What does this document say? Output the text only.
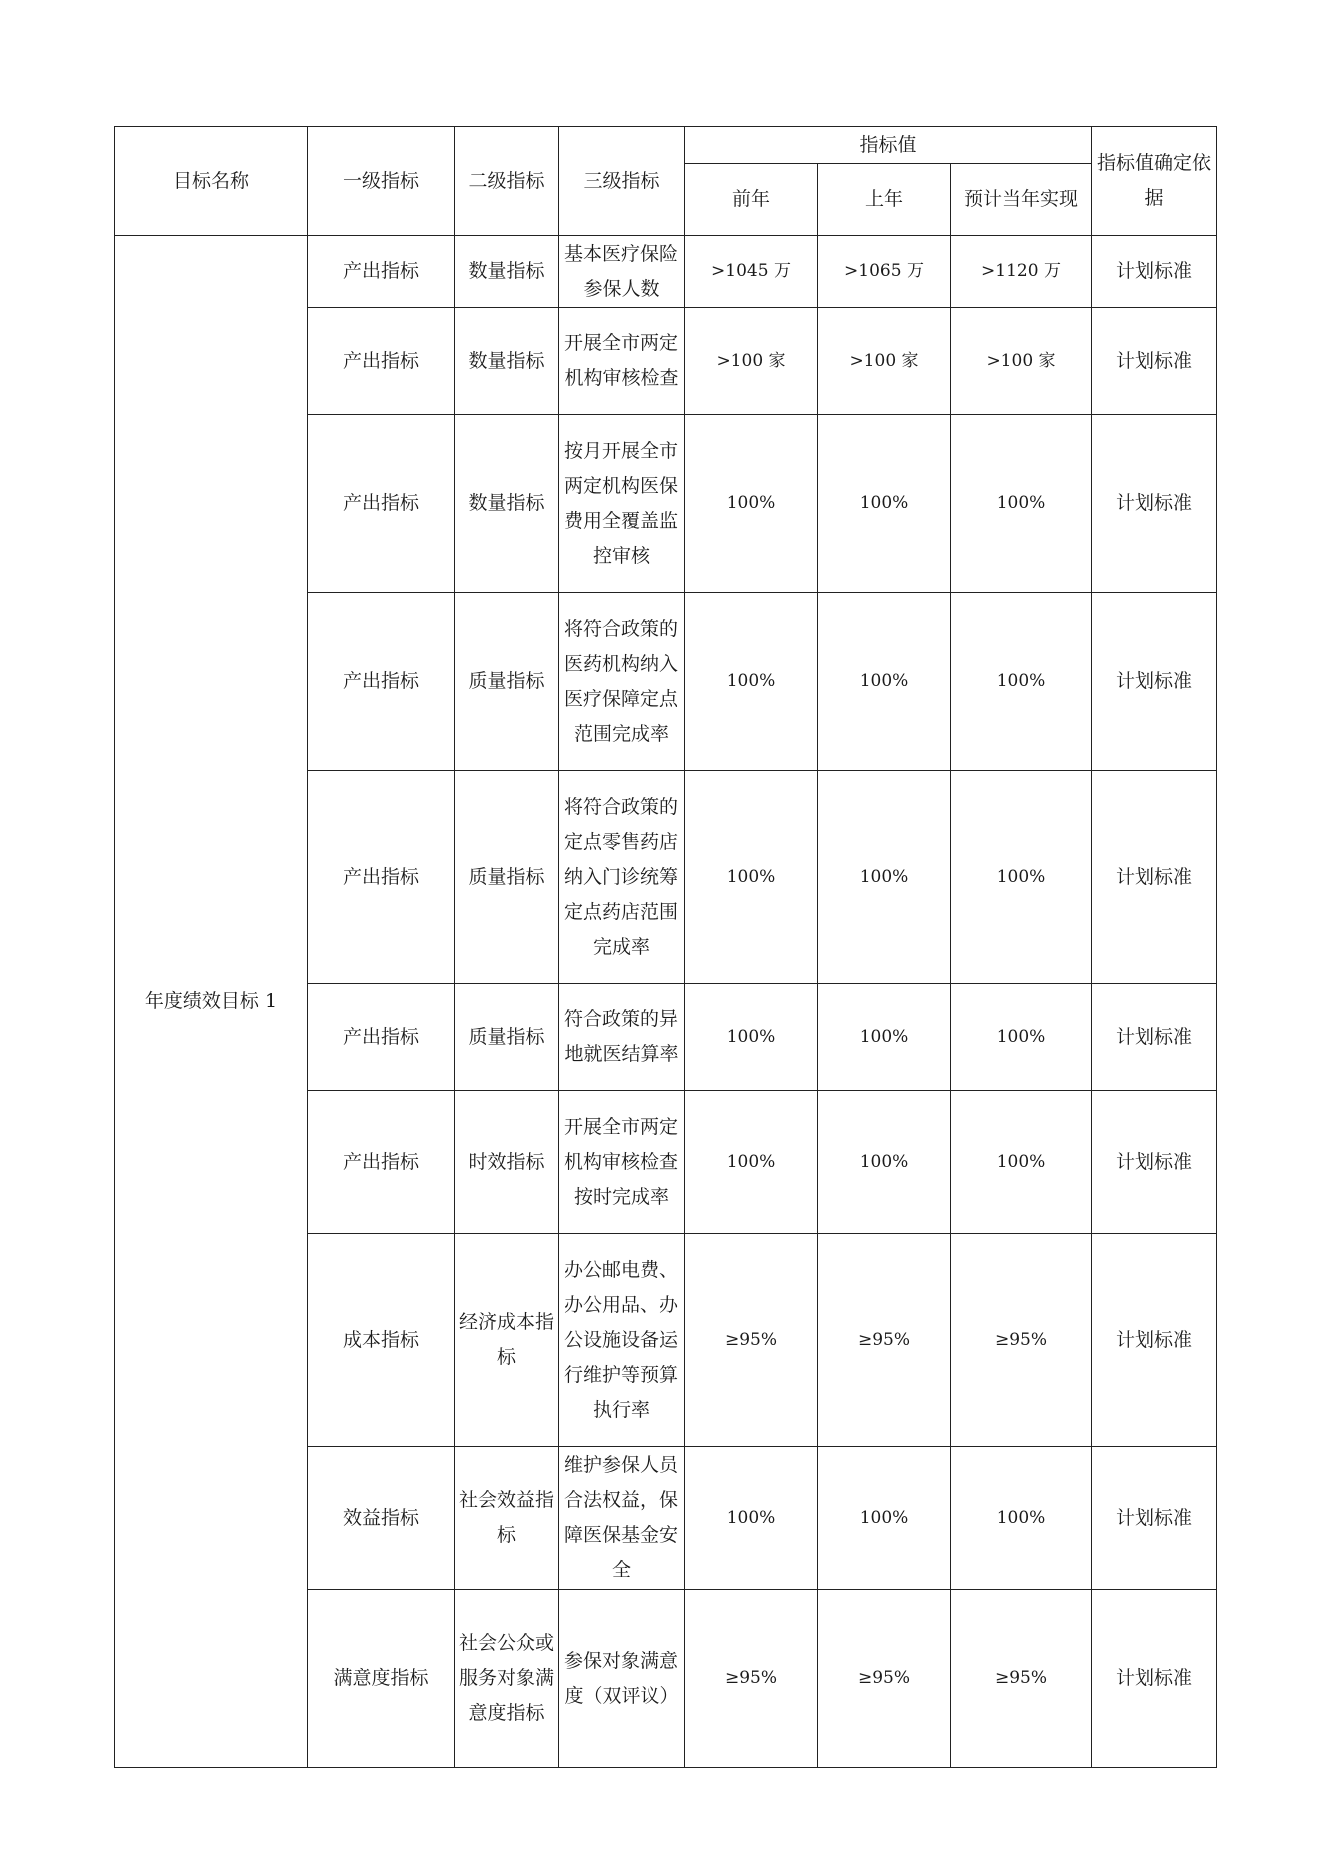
目标名称	一级指标	二级指标	三级指标	指标值			指标值确定依据
				前年	上年	预计当年实现	
年度绩效目标 1	产出指标	数量指标	基本医疗保险参保人数	>1045 万	>1065 万	>1120 万	计划标准
	产出指标	数量指标	开展全市两定机构审核检查	>100 家	>100 家	>100 家	计划标准
	产出指标	数量指标	按月开展全市两定机构医保费用全覆盖监控审核	100%	100%	100%	计划标准
	产出指标	质量指标	将符合政策的医药机构纳入医疗保障定点范围完成率	100%	100%	100%	计划标准
	产出指标	质量指标	将符合政策的定点零售药店纳入门诊统筹定点药店范围完成率	100%	100%	100%	计划标准
	产出指标	质量指标	符合政策的异地就医结算率	100%	100%	100%	计划标准
	产出指标	时效指标	开展全市两定机构审核检查按时完成率	100%	100%	100%	计划标准
	成本指标	经济成本指标	办公邮电费、办公用品、办公设施设备运行维护等预算执行率	≥95%	≥95%	≥95%	计划标准
	效益指标	社会效益指标	维护参保人员合法权益，保障医保基金安全	100%	100%	100%	计划标准
	满意度指标	社会公众或服务对象满意度指标	参保对象满意度（双评议）	≥95%	≥95%	≥95%	计划标准
